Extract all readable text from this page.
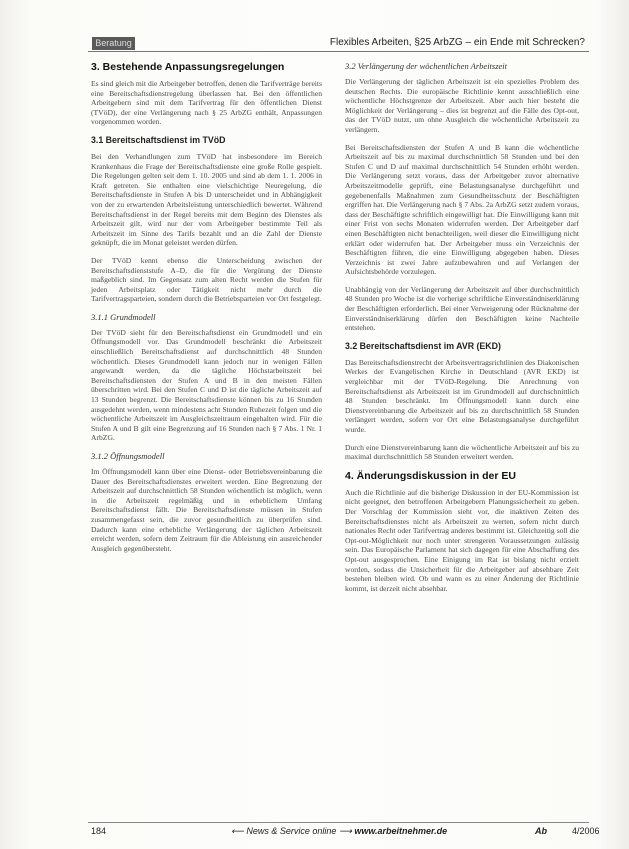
Beratung	Flexibles Arbeiten, §25 ArbZG – ein Ende mit Schrecken?
3. Bestehende Anpassungsregelungen

Es sind gleich mit die Arbeitgeber betroffen, denen die Tarifverträge bereits eine Bereitschaftsdienstregelung überlassen hat. Bei den öffentlichen Arbeitgebern sind mit dem Tarifvertrag für den öffentlichen Dienst (TVöD), der eine Verlängerung nach § 25 ArbZG enthält, Anpassungen vorgenommen worden.

3.1 Bereitschaftsdienst im TVöD

Bei den Verhandlungen zum TVöD hat insbesondere im Bereich Krankenhaus die Frage der Bereitschaftsdienste eine große Rolle gespielt. Die Regelungen gelten seit dem 1. 10. 2005 und sind ab dem 1. 1. 2006 in Kraft getreten. Sie enthalten eine vielschichtige Neuregelung, die Bereitschaftsdienste in Stufen A bis D unterscheidet und in Abhängigkeit von der zu erwartenden Arbeitsleistung unterschiedlich bewertet. Während Bereitschaftsdienst in der Regel bereits mit dem Beginn des Dienstes als Arbeitszeit gilt, wird nur der vom Arbeitgeber bestimmte Teil als Arbeitszeit im Sinne des Tarifs bezahlt und an die Zahl der Dienste geknüpft, die im Monat geleistet werden dürfen.

Der TVöD kennt ebenso die Unterscheidung zwischen der Bereitschaftsdienststufe A–D, die für die Vergütung der Dienste maßgeblich sind. Im Gegensatz zum alten Recht werden die Stufen für jeden Arbeitsplatz oder Tätigkeit nicht mehr durch die Tarifvertragsparteien, sondern durch die Betriebsparteien vor Ort festgelegt.

3.1.1 Grundmodell

Der TVöD sieht für den Bereitschaftsdienst ein Grundmodell und ein Öffnungsmodell vor. Das Grundmodell beschränkt die Arbeitszeit einschließlich Bereitschaftsdienst auf durchschnittlich 48 Stunden wöchentlich. Dieses Grundmodell kann jedoch nur in wenigen Fällen angewandt werden, da die tägliche Höchstarbeitszeit bei Bereitschaftsdiensten der Stufen A und B in den meisten Fällen überschritten wird. Bei den Stufen C und D ist die tägliche Arbeitszeit auf 13 Stunden begrenzt. Die Bereitschaftsdienste können bis zu 16 Stunden ausgedehnt werden, wenn mindestens acht Stunden Ruhezeit folgen und die wöchentliche Arbeitszeit im Ausgleichszeitraum eingehalten wird. Für die Stufen A und B gilt eine Begrenzung auf 16 Stunden nach § 7 Abs. 1 Nr. 1 ArbZG.

3.1.2 Öffnungsmodell

Im Öffnungsmodell kann über eine Dienst- oder Betriebsvereinbarung die Dauer des Bereitschaftsdienstes erweitert werden. Eine Begrenzung der Arbeitszeit auf durchschnittlich 58 Stunden wöchentlich ist möglich, wenn in die Arbeitszeit regelmäßig und in erheblichem Umfang Bereitschaftsdienst fällt. Die Bereitschaftsdienste müssen in Stufen zusammengefasst sein, die zuvor gesundheitlich zu überprüfen sind. Dadurch kann eine erhebliche Verlängerung der täglichen Arbeitszeit erreicht werden, sofern dem Zeitraum für die Ableistung ein ausreichender Ausgleich gegenübersteht.

3.2 Verlängerung der wöchentlichen Arbeitszeit

Die Verlängerung der täglichen Arbeitszeit ist ein spezielles Problem des deutschen Rechts. Die europäische Richtlinie kennt ausschließlich eine wöchentliche Höchstgrenze der Arbeitszeit. Aber auch hier besteht die Möglichkeit der Verlängerung – dies ist begrenzt auf die Fälle des Opt-out, das der TVöD nutzt, um ohne Ausgleich die wöchentliche Arbeitszeit zu verlängern.

Bei Bereitschaftsdiensten der Stufen A und B kann die wöchentliche Arbeitszeit auf bis zu maximal durchschnittlich 58 Stunden und bei den Stufen C und D auf maximal durchschnittlich 54 Stunden erhöht werden. Die Verlängerung setzt voraus, dass der Arbeitgeber zuvor alternative Arbeitszeitmodelle geprüft, eine Belastungsanalyse durchgeführt und gegebenenfalls Maßnahmen zum Gesundheitsschutz der Beschäftigten ergriffen hat. Die Verlängerung nach § 7 Abs. 2a ArbZG setzt zudem voraus, dass der Beschäftigte schriftlich eingewilligt hat. Die Einwilligung kann mit einer Frist von sechs Monaten widerrufen werden. Der Arbeitgeber darf einen Beschäftigten nicht benachteiligen, weil dieser die Einwilligung nicht erklärt oder widerrufen hat. Der Arbeitgeber muss ein Verzeichnis der Beschäftigten führen, die eine Einwilligung abgegeben haben. Dieses Verzeichnis ist zwei Jahre aufzubewahren und auf Verlangen der Aufsichtsbehörde vorzulegen.

Unabhängig von der Verlängerung der Arbeitszeit auf über durchschnittlich 48 Stunden pro Woche ist die vorherige schriftliche Einverständniserklärung der Beschäftigten erforderlich. Bei einer Verweigerung oder Rücknahme der Einverständniserklärung dürfen den Beschäftigten keine Nachteile entstehen.

3.2 Bereitschaftsdienst im AVR (EKD)

Das Bereitschaftsdienstrecht der Arbeitsvertragsrichtlinien des Diakonischen Werkes der Evangelischen Kirche in Deutschland (AVR EKD) ist vergleichbar mit der TVöD-Regelung. Die Anrechnung von Bereitschaftsdienst als Arbeitszeit ist im Grundmodell auf durchschnittlich 48 Stunden beschränkt. Im Öffnungsmodell kann durch eine Dienstvereinbarung die Arbeitszeit auf bis zu durchschnittlich 58 Stunden verlängert werden, sofern vor Ort eine Belastungsanalyse durchgeführt wurde.

Durch eine Dienstvereinbarung kann die wöchentliche Arbeitszeit auf bis zu maximal durchschnittlich 58 Stunden erweitert werden.

4. Änderungsdiskussion in der EU

Auch die Richtlinie auf die bisherige Diskussion in der EU-Kommission ist nicht geeignet, den betroffenen Arbeitgebern Planungssicherheit zu geben. Der Vorschlag der Kommission sieht vor, die inaktiven Zeiten des Bereitschaftsdienstes nicht als Arbeitszeit zu werten, sofern nicht durch nationales Recht oder Tarifvertrag anderes bestimmt ist. Gleichzeitig soll die Opt-out-Möglichkeit nur noch unter strengeren Voraussetzungen zulässig sein. Das Europäische Parlament hat sich dagegen für eine Abschaffung des Opt-out ausgesprochen. Eine Einigung im Rat ist bislang nicht erzielt worden, sodass die Unsicherheit für die Arbeitgeber auf absehbare Zeit bestehen bleiben wird. Ob und wann es zu einer Änderung der Richtlinie kommt, ist derzeit nicht absehbar.

184	⟵ News & Service online ⟶ www.arbeitnehmer.de	Ab	4/2006
